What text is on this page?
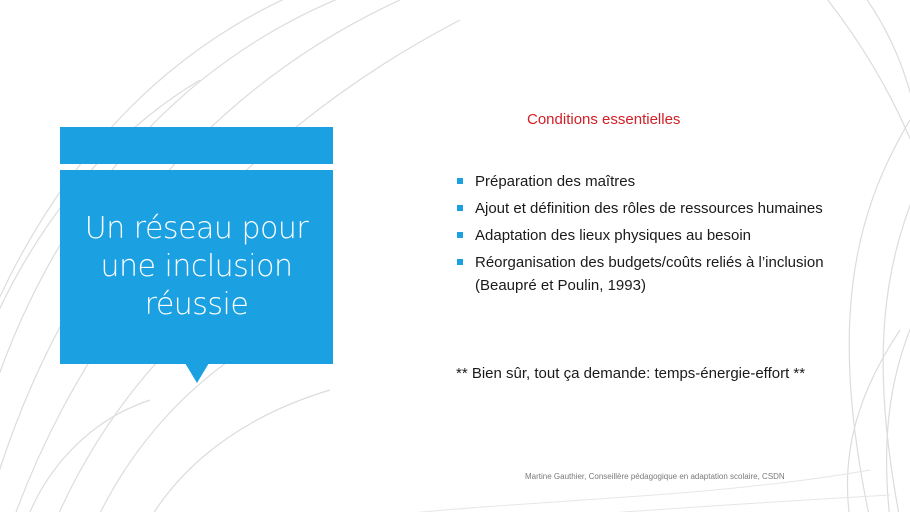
Un réseau pour une inclusion réussie
Conditions essentielles
Préparation des maîtres
Ajout et définition des rôles de ressources humaines
Adaptation des lieux physiques au besoin
Réorganisation des budgets/coûts reliés à l’inclusion (Beaupré et Poulin, 1993)
** Bien sûr, tout ça demande: temps-énergie-effort **
Martine Gauthier, Conseillère pédagogique en adaptation scolaire, CSDN
